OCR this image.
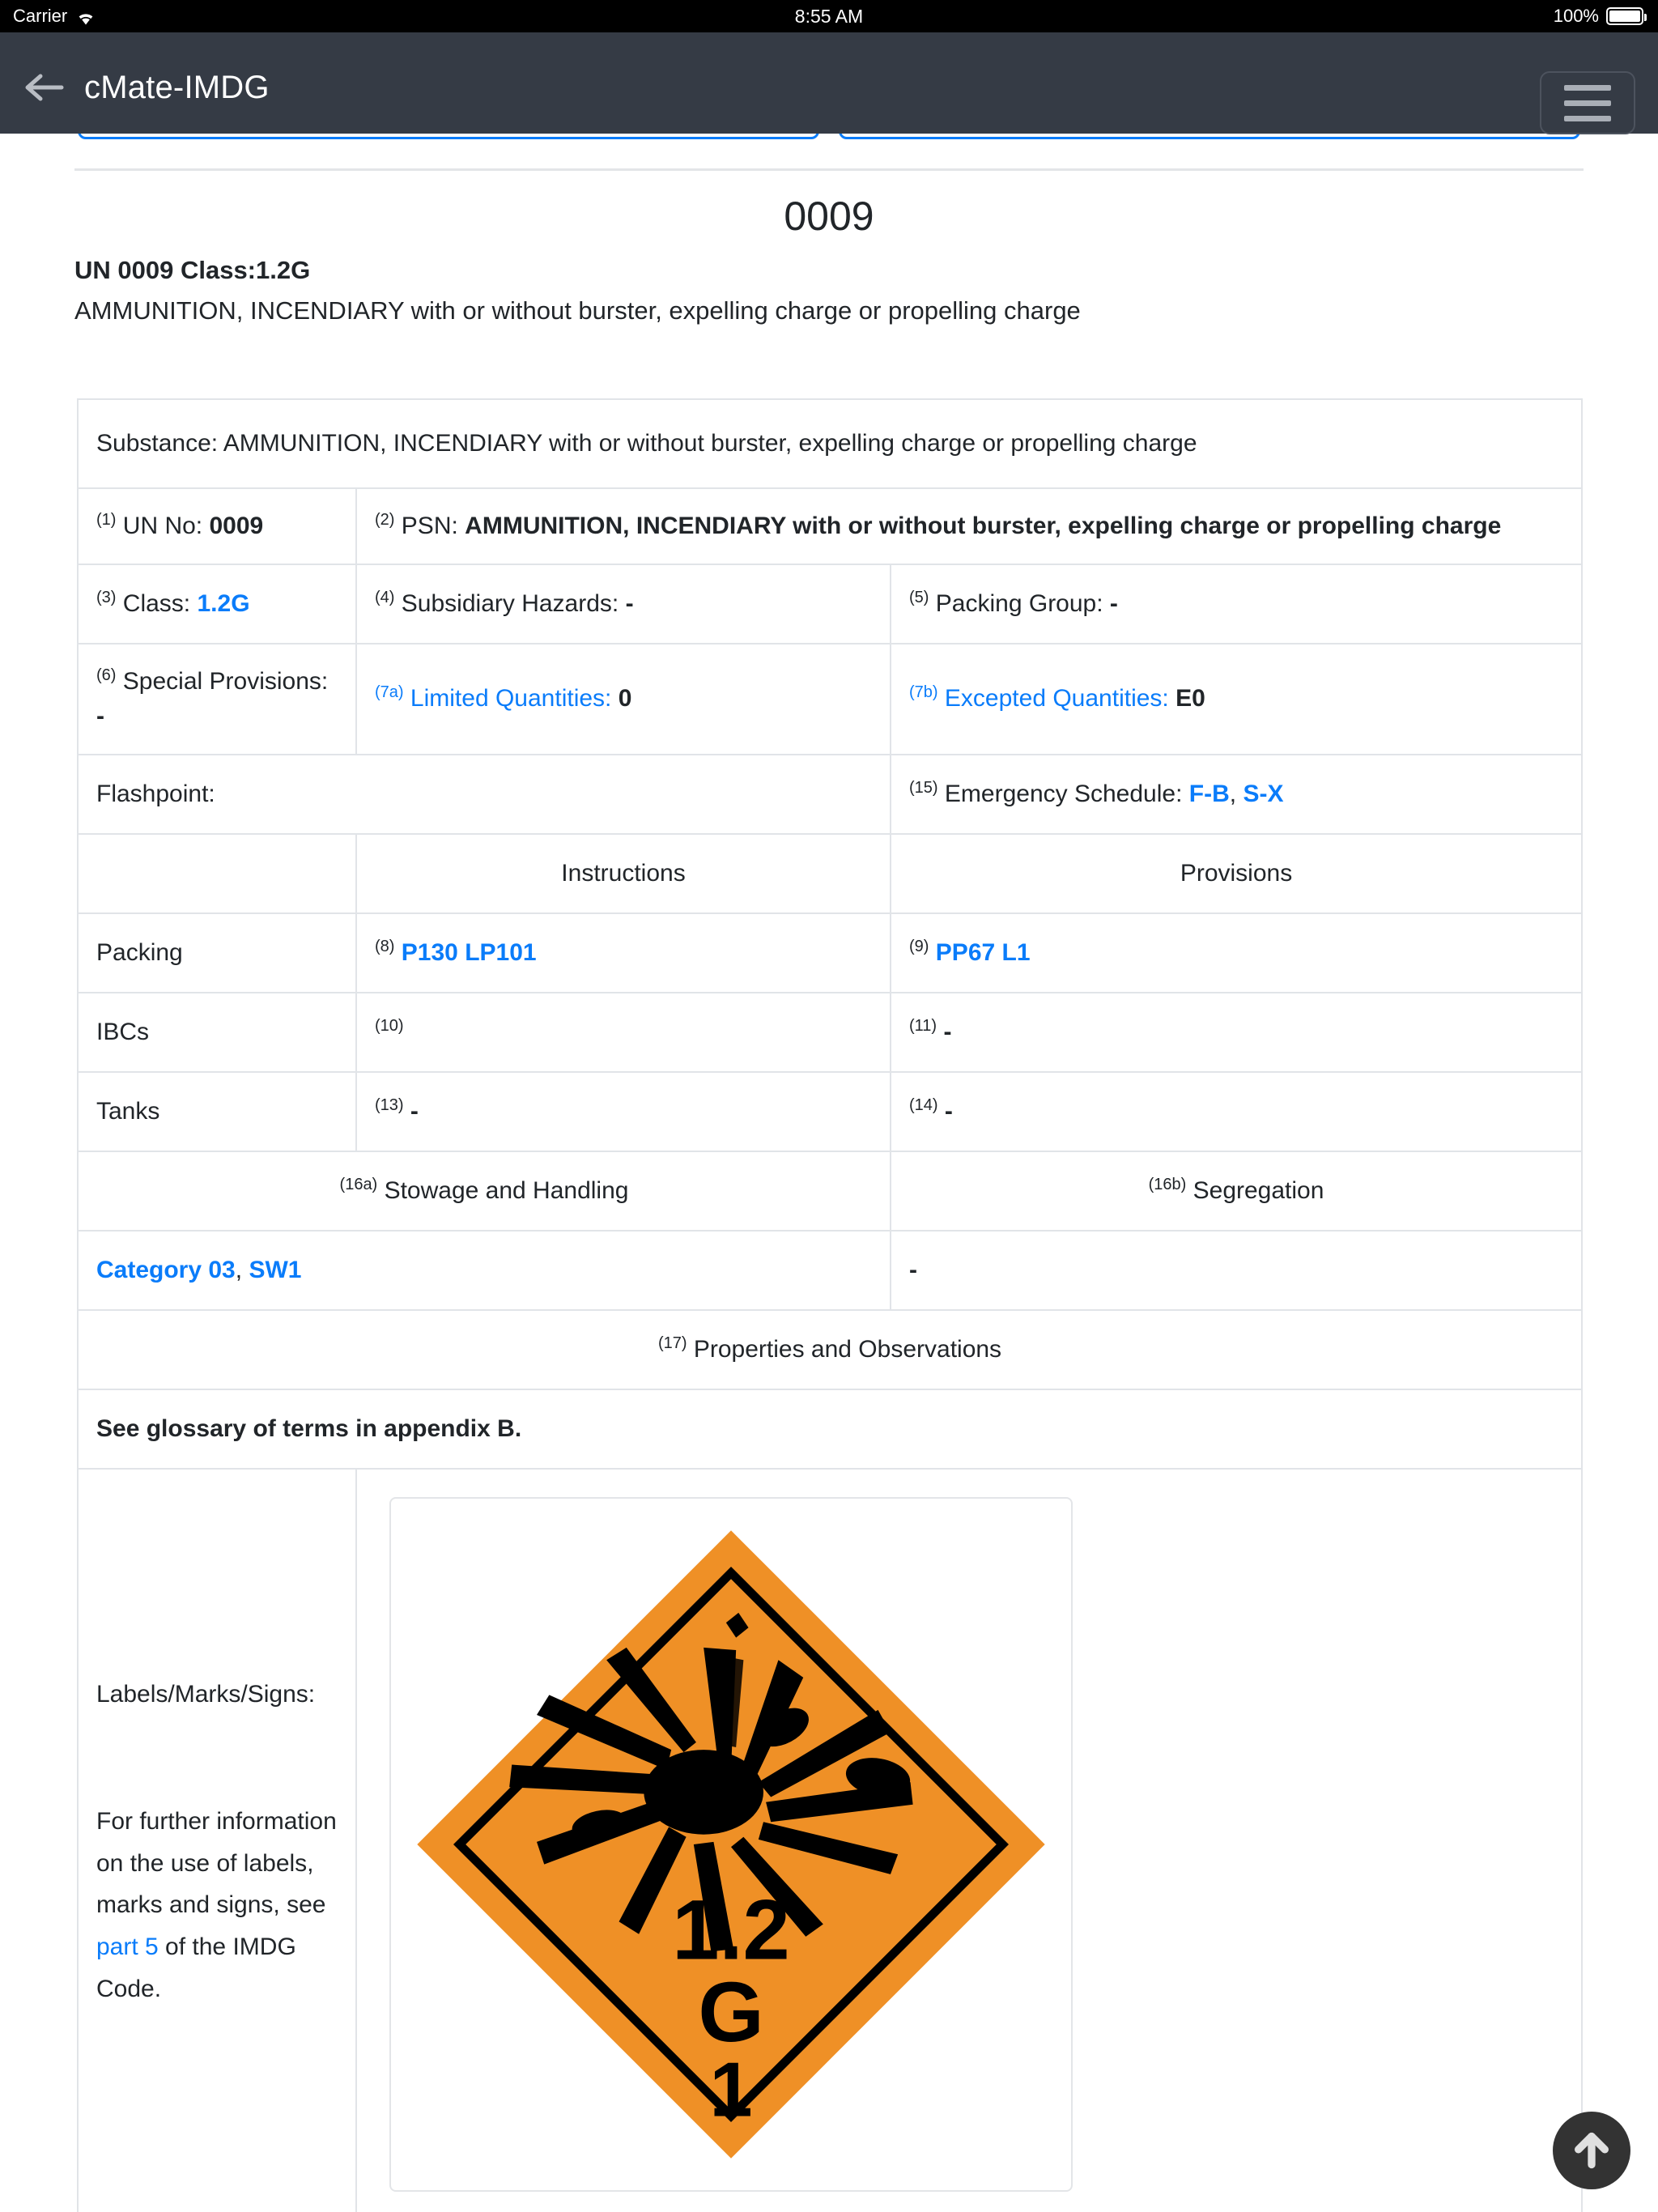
Carrier	8:55 AM	100%
cMate-IMDG
0009
UN 0009 Class:1.2G
AMMUNITION, INCENDIARY with or without burster, expelling charge or propelling charge
Substance: AMMUNITION, INCENDIARY with or without burster, expelling charge or propelling charge		
$^{(1)}$ UN No: 0009	$^{(2)}$ PSN: AMMUNITION, INCENDIARY with or without burster, expelling charge or propelling charge	
$^{(3)}$ Class: 1.2G	$^{(4)}$ Subsidiary Hazards: -	$^{(5)}$ Packing Group: -
$^{(6)}$ Special Provisions: -	$^{(7a)}$ Limited Quantities: 0	$^{(7b)}$ Excepted Quantities: E0
Flashpoint:		$^{(15)}$ Emergency Schedule: F-B, S-X
	Instructions	Provisions
Packing	$^{(8)}$ P130 LP101	$^{(9)}$ PP67 L1
IBCs	$^{(10)}$	$^{(11)}$ -
Tanks	$^{(13)}$ -	$^{(14)}$ -
$^{(16a)}$ Stowage and Handling		$^{(16b)}$ Segregation
Category 03, SW1		-
$^{(17)}$ Properties and Observations		
See glossary of terms in appendix B.		

Labels/Marks/Signs:
For further information on the use of labels, marks and signs, see part 5 of the IMDG Code.

1.2
G
1
